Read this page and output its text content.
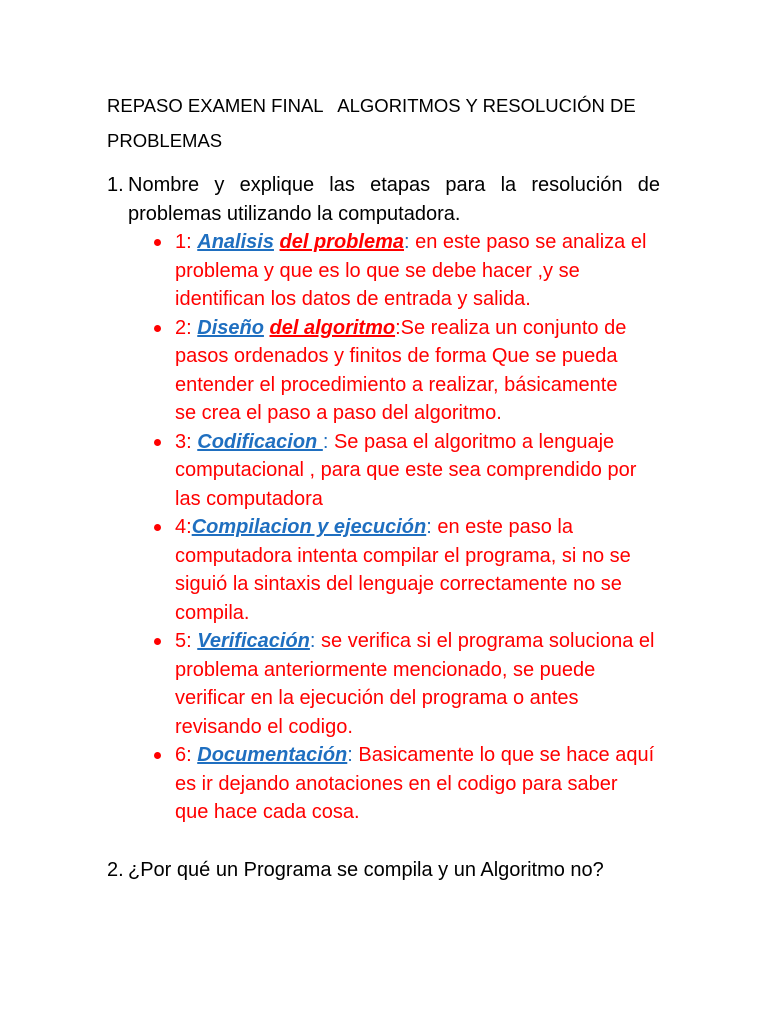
REPASO EXAMEN FINAL   ALGORITMOS Y RESOLUCIÓN DE
PROBLEMAS
1. Nombre y explique las etapas para la resolución de
problemas utilizando la computadora.
1: Analisis del problema: en este paso se analiza el
problema y que es lo que se debe hacer ,y se
identifican los datos de entrada y salida.
2: Diseño del algoritmo:Se realiza un conjunto de
pasos ordenados y finitos de forma Que se pueda
entender el procedimiento a realizar, básicamente
se crea el paso a paso del algoritmo.
3: Codificacion : Se pasa el algoritmo a lenguaje
computacional , para que este sea comprendido por
las computadora
4:Compilacion y ejecución: en este paso la
computadora intenta compilar el programa, si no se
siguió la sintaxis del lenguaje correctamente no se
compila.
5: Verificación: se verifica si el programa soluciona el
problema anteriormente mencionado, se puede
verificar en la ejecución del programa o antes
revisando el codigo.
6: Documentación: Basicamente lo que se hace aquí
es ir dejando anotaciones en el codigo para saber
que hace cada cosa.
2. ¿Por qué un Programa se compila y un Algoritmo no?
